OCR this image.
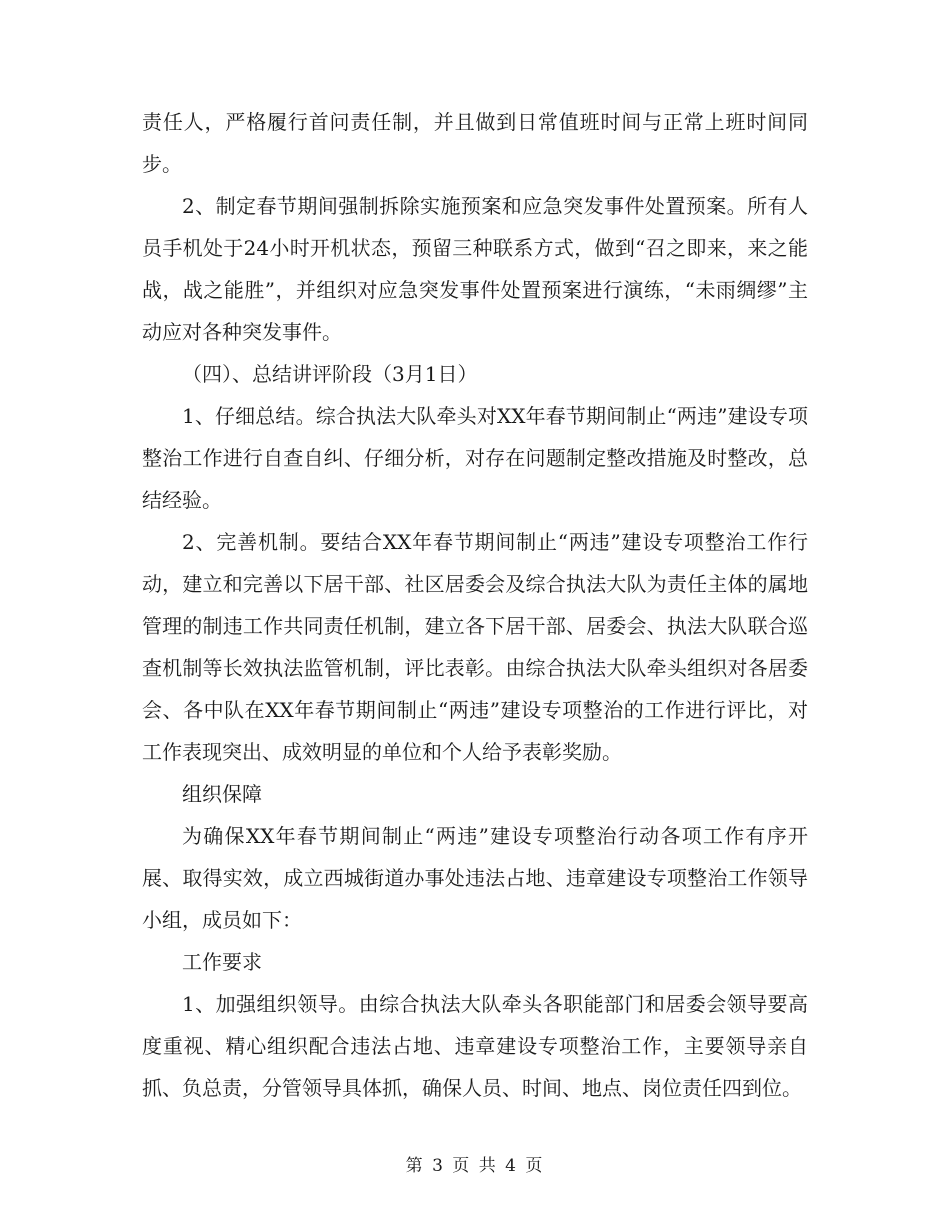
责任人，严格履行首问责任制，并且做到日常值班时间与正常上班时间同步。

2、制定春节期间强制拆除实施预案和应急突发事件处置预案。所有人员手机处于24小时开机状态，预留三种联系方式，做到“召之即来，来之能战，战之能胜”，并组织对应急突发事件处置预案进行演练，“未雨绸缪”主动应对各种突发事件。

（四）、总结讲评阶段（3月1日）

1、仔细总结。综合执法大队牵头对XX年春节期间制止“两违”建设专项整治工作进行自查自纠、仔细分析，对存在问题制定整改措施及时整改，总结经验。

2、完善机制。要结合XX年春节期间制止“两违”建设专项整治工作行动，建立和完善以下居干部、社区居委会及综合执法大队为责任主体的属地管理的制违工作共同责任机制，建立各下居干部、居委会、执法大队联合巡查机制等长效执法监管机制，评比表彰。由综合执法大队牵头组织对各居委会、各中队在XX年春节期间制止“两违”建设专项整治的工作进行评比，对工作表现突出、成效明显的单位和个人给予表彰奖励。

组织保障

为确保XX年春节期间制止“两违”建设专项整治行动各项工作有序开展、取得实效，成立西城街道办事处违法占地、违章建设专项整治工作领导小组，成员如下：

工作要求

1、加强组织领导。由综合执法大队牵头各职能部门和居委会领导要高度重视、精心组织配合违法占地、违章建设专项整治工作，主要领导亲自抓、负总责，分管领导具体抓，确保人员、时间、地点、岗位责任四到位。

第 3 页 共 4 页
